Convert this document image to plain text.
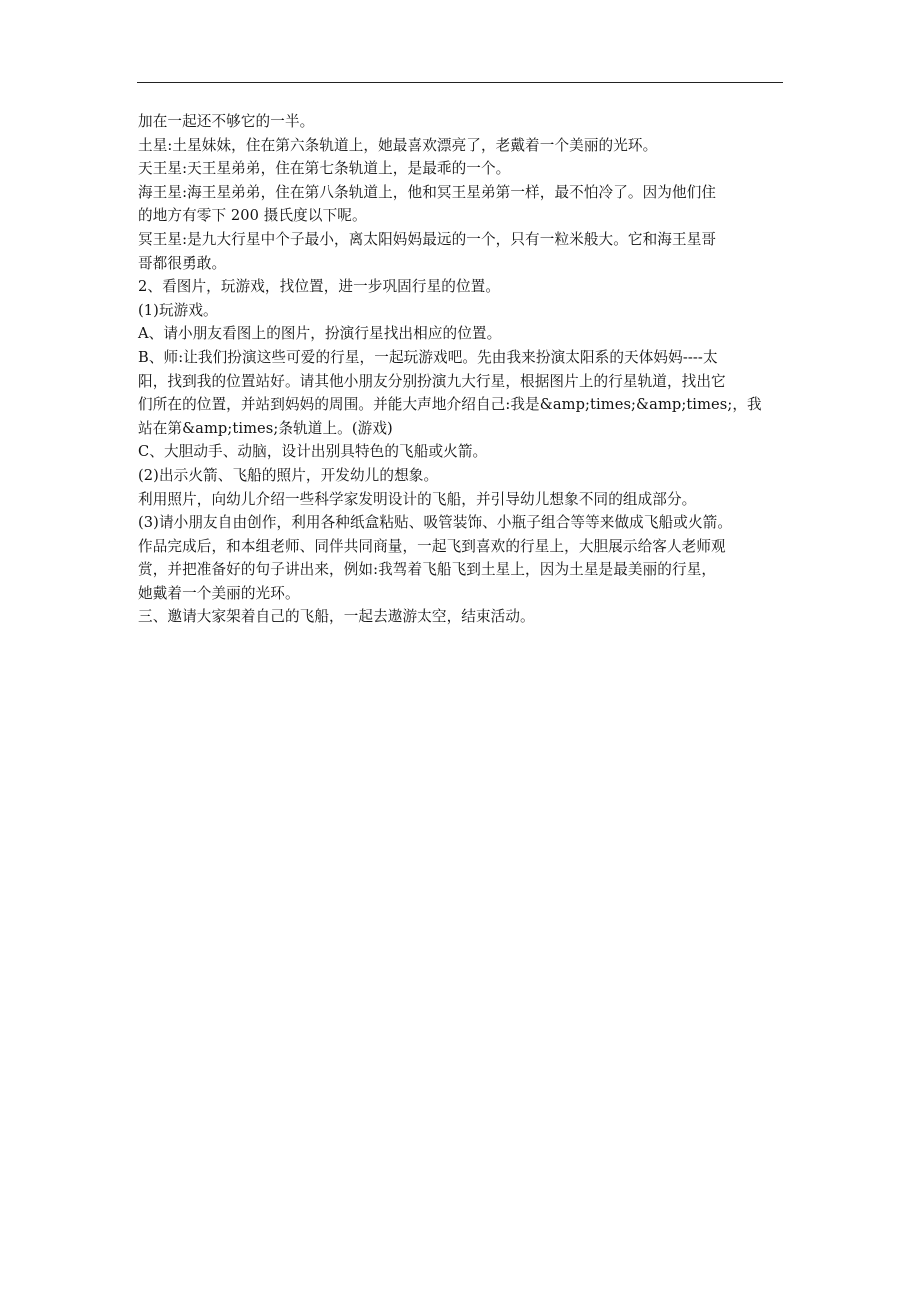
加在一起还不够它的一半。

土星:土星妹妹，住在第六条轨道上，她最喜欢漂亮了，老戴着一个美丽的光环。

天王星:天王星弟弟，住在第七条轨道上，是最乖的一个。

海王星:海王星弟弟，住在第八条轨道上，他和冥王星弟第一样，最不怕冷了。因为他们住

的地方有零下 200 摄氏度以下呢。

冥王星:是九大行星中个子最小，离太阳妈妈最远的一个，只有一粒米般大。它和海王星哥

哥都很勇敢。

2、看图片，玩游戏，找位置，进一步巩固行星的位置。

(1)玩游戏。

A、请小朋友看图上的图片，扮演行星找出相应的位置。

B、师:让我们扮演这些可爱的行星，一起玩游戏吧。先由我来扮演太阳系的天体妈妈----太

阳，找到我的位置站好。请其他小朋友分别扮演九大行星，根据图片上的行星轨道，找出它

们所在的位置，并站到妈妈的周围。并能大声地介绍自己:我是&amp;times;&amp;times;，我

站在第&amp;times;条轨道上。(游戏)

C、大胆动手、动脑，设计出别具特色的飞船或火箭。

(2)出示火箭、飞船的照片，开发幼儿的想象。

利用照片，向幼儿介绍一些科学家发明设计的飞船，并引导幼儿想象不同的组成部分。

(3)请小朋友自由创作，利用各种纸盒粘贴、吸管装饰、小瓶子组合等等来做成飞船或火箭。

作品完成后，和本组老师、同伴共同商量，一起飞到喜欢的行星上，大胆展示给客人老师观

赏，并把准备好的句子讲出来，例如:我驾着飞船飞到土星上，因为土星是最美丽的行星，

她戴着一个美丽的光环。

三、邀请大家架着自己的飞船，一起去遨游太空，结束活动。
